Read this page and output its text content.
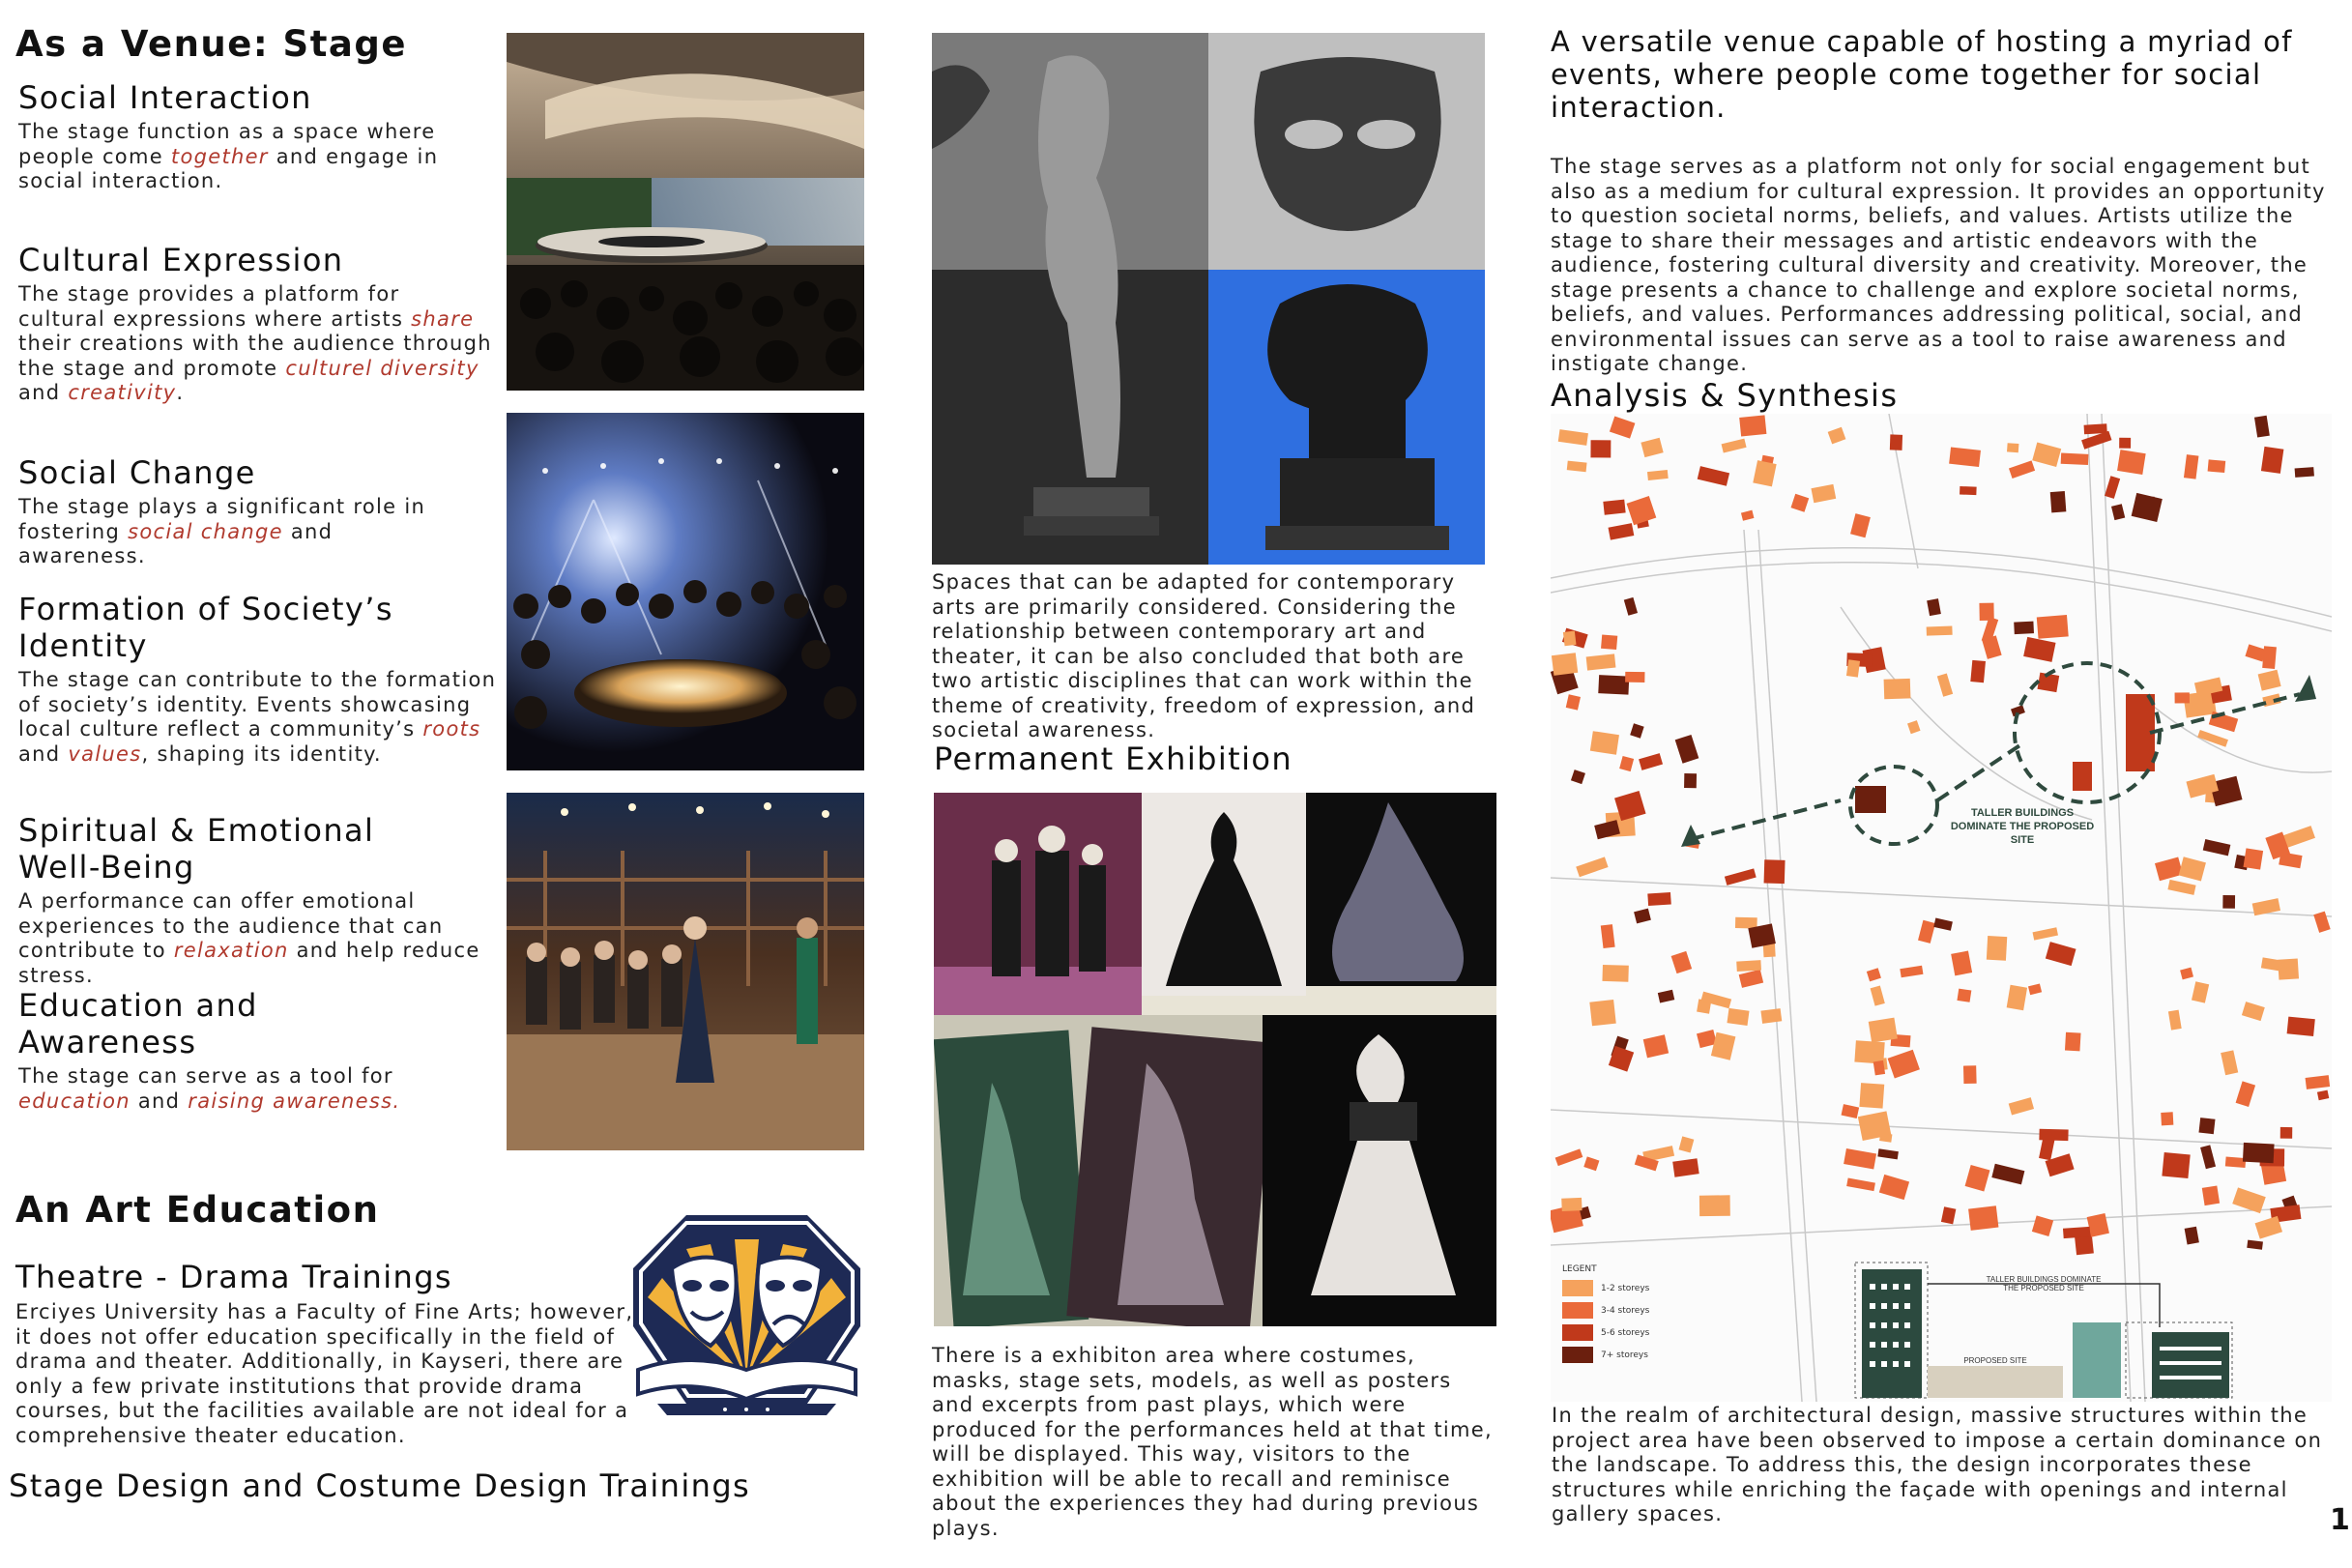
As a Venue: Stage
Social Interaction
The stage function as a space where people come together and engage in social interaction.
Cultural Expression
The stage provides a platform for cultural expressions where artists share their creations with the audience through the stage and promote culturel diversity and creativity.
Social Change
The stage plays a significant role in fostering social change and awareness.
Formation of Society’s Identity
The stage can contribute to the formation of society’s identity. Events showcasing local culture reflect a community’s roots and values, shaping its identity.
Spiritual & Emotional Well-Being
A performance can offer emotional experiences to the audience that can contribute to relaxation and help reduce stress.
Education and Awareness
The stage can serve as a tool for education and raising awareness.
An Art Education
Theatre - Drama Trainings
Erciyes University has a Faculty of Fine Arts; however, it does not offer education specifically in the field of drama and theater. Additionally, in Kayseri, there are only a few private institutions that provide drama courses, but the facilities available are not ideal for a comprehensive theater education.
Stage Design and Costume Design Trainings
Spaces that can be adapted for contemporary arts are primarily considered. Considering the relationship between contemporary art and theater, it can be also concluded that both are two artistic disciplines that can work within the theme of creativity, freedom of expression, and societal awareness.
Permanent Exhibition
There is a exhibiton area where costumes, masks, stage sets, models, as well as posters and excerpts from past plays, which were produced for the performances held at that time, will be displayed. This way, visitors to the exhibition will be able to recall and reminisce about the experiences they had during previous plays.
A versatile venue capable of hosting a myriad of events, where people come together for social interaction.
The stage serves as a platform not only for social engagement but also as a medium for cultural expression. It provides an opportunity to question societal norms, beliefs, and values. Artists utilize the stage to share their messages and artistic endeavors with the audience, fostering cultural diversity and creativity. Moreover, the stage presents a chance to challenge and explore societal norms, beliefs, and values. Performances addressing political, social, and environmental issues can serve as a tool to raise awareness and instigate change.
Analysis & Synthesis
TALLER BUILDINGS
DOMINATE THE PROPOSED
SITE
TALLER BUILDINGS DOMINATE
THE PROPOSED SITE
PROPOSED SITE
LEGENT
1-2 storeys
3-4 storeys
5-6 storeys
7+ storeys
In the realm of architectural design, massive structures within the project area have been observed to impose a certain dominance on the landscape. To address this, the design incorporates these structures while enriching the façade with openings and internal gallery spaces.	1
